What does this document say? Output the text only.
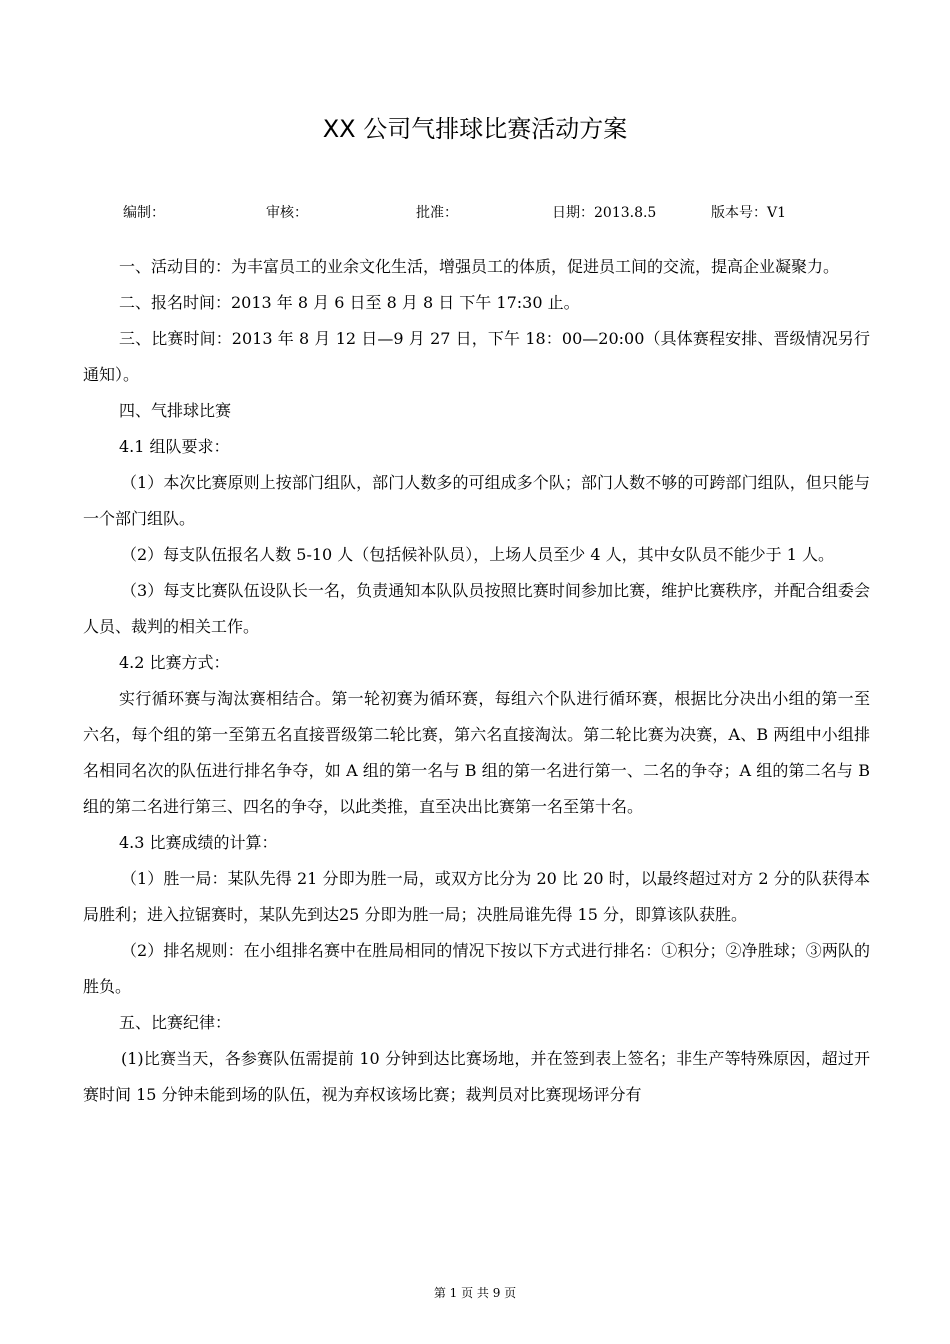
XX 公司气排球比赛活动方案
编制：	审核：	批准：	日期：2013.8.5	版本号：V1

一、活动目的：为丰富员工的业余文化生活，增强员工的体质，促进员工间的交流，提高企业凝聚力。

二、报名时间：2013 年 8 月 6 日至 8 月 8 日 下午 17:30 止。

三、比赛时间：2013 年 8 月 12 日—9 月 27 日，下午 18：00—20:00（具体赛程安排、晋级情况另行通知）。

四、气排球比赛

4.1 组队要求：

（1）本次比赛原则上按部门组队，部门人数多的可组成多个队；部门人数不够的可跨部门组队，但只能与一个部门组队。

（2）每支队伍报名人数 5-10 人（包括候补队员），上场人员至少 4 人，其中女队员不能少于 1 人。

（3）每支比赛队伍设队长一名，负责通知本队队员按照比赛时间参加比赛，维护比赛秩序，并配合组委会人员、裁判的相关工作。

4.2 比赛方式：

实行循环赛与淘汰赛相结合。第一轮初赛为循环赛，每组六个队进行循环赛，根据比分决出小组的第一至六名，每个组的第一至第五名直接晋级第二轮比赛，第六名直接淘汰。第二轮比赛为决赛，A、B 两组中小组排名相同名次的队伍进行排名争夺，如 A 组的第一名与 B 组的第一名进行第一、二名的争夺；A 组的第二名与 B 组的第二名进行第三、四名的争夺，以此类推，直至决出比赛第一名至第十名。

4.3 比赛成绩的计算：

（1）胜一局：某队先得 21 分即为胜一局，或双方比分为 20 比 20 时，以最终超过对方 2 分的队获得本局胜利；进入拉锯赛时，某队先到达25 分即为胜一局；决胜局谁先得 15 分，即算该队获胜。

（2）排名规则：在小组排名赛中在胜局相同的情况下按以下方式进行排名：①积分；②净胜球；③两队的胜负。

五、比赛纪律：

(1)比赛当天，各参赛队伍需提前 10 分钟到达比赛场地，并在签到表上签名；非生产等特殊原因，超过开赛时间 15 分钟未能到场的队伍，视为弃权该场比赛；裁判员对比赛现场评分有

第 1 页 共 9 页
